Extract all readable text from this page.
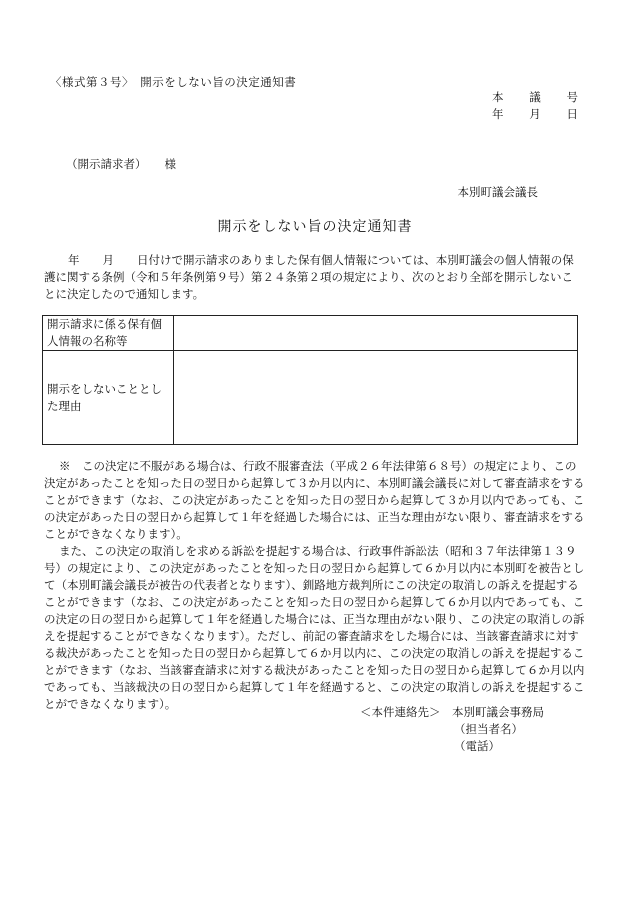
〈様式第３号〉　開示をしない旨の決定通知書
本 議 号
年 月 日
（開示請求者） 様
本別町議会議長
開示をしない旨の決定通知書
年　　月　　日付けで開示請求のありました保有個人情報については、本別町議会の個人情報の保護に関する条例（令和５年条例第９号）第２４条第２項の規定により、次のとおり全部を開示しないことに決定したので通知します。
開示請求に係る保有個人情報の名称等	
開示をしないこととした理由	

※　この決定に不服がある場合は、行政不服審査法（平成２６年法律第６８号）の規定により、この決定があったことを知った日の翌日から起算して３か月以内に、本別町議会議長に対して審査請求をすることができます（なお、この決定があったことを知った日の翌日から起算して３か月以内であっても、この決定があった日の翌日から起算して１年を経過した場合には、正当な理由がない限り、審査請求をすることができなくなります）。

また、この決定の取消しを求める訴訟を提起する場合は、行政事件訴訟法（昭和３７年法律第１３９号）の規定により、この決定があったことを知った日の翌日から起算して６か月以内に本別町を被告として（本別町議会議長が被告の代表者となります）、釧路地方裁判所にこの決定の取消しの訴えを提起することができます（なお、この決定があったことを知った日の翌日から起算して６か月以内であっても、この決定の日の翌日から起算して１年を経過した場合には、正当な理由がない限り、この決定の取消しの訴えを提起することができなくなります）。ただし、前記の審査請求をした場合には、当該審査請求に対する裁決があったことを知った日の翌日から起算して６か月以内に、この決定の取消しの訴えを提起することができます（なお、当該審査請求に対する裁決があったことを知った日の翌日から起算して６か月以内であっても、当該裁決の日の翌日から起算して１年を経過すると、この決定の取消しの訴えを提起することができなくなります）。

＜本件連絡先＞　 本別町議会事務局
（担当者名）
（電話）
